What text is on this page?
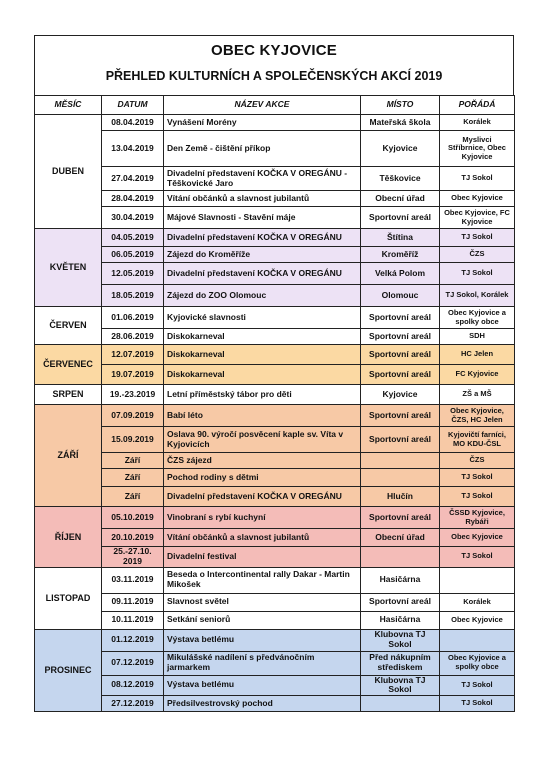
OBEC KYJOVICE
PŘEHLED KULTURNÍCH A SPOLEČENSKÝCH AKCÍ 2019
MĚSÍC	DATUM	NÁZEV AKCE	MÍSTO	POŘÁDÁ
DUBEN	08.04.2019	Vynášení Morény	Mateřská škola	Korálek
	13.04.2019	Den Země - čištění příkop	Kyjovice	Myslivci Stříbrnice, Obec Kyjovice
	27.04.2019	Divadelní představení KOČKA V OREGÁNU - Těškovické Jaro	Těškovice	TJ Sokol
	28.04.2019	Vítání občánků a slavnost jubilantů	Obecní úřad	Obec Kyjovice
	30.04.2019	Májové Slavnosti - Stavění máje	Sportovní areál	Obec Kyjovice, FC Kyjovice
KVĚTEN	04.05.2019	Divadelní představení KOČKA V OREGÁNU	Štítina	TJ Sokol
	06.05.2019	Zájezd do Kroměříže	Kroměříž	ČZS
	12.05.2019	Divadelní představení KOČKA V OREGÁNU	Velká Polom	TJ Sokol
	18.05.2019	Zájezd do ZOO Olomouc	Olomouc	TJ Sokol, Korálek
ČERVEN	01.06.2019	Kyjovické slavnosti	Sportovní areál	Obec Kyjovice a spolky obce
	28.06.2019	Diskokarneval	Sportovní areál	SDH
ČERVENEC	12.07.2019	Diskokarneval	Sportovní areál	HC Jelen
	19.07.2019	Diskokarneval	Sportovní areál	FC Kyjovice
SRPEN	19.-23.2019	Letní příměstský tábor pro děti	Kyjovice	ZŠ a MŠ
ZÁŘÍ	07.09.2019	Babí léto	Sportovní areál	Obec Kyjovice, ČZS, HC Jelen
	15.09.2019	Oslava 90. výročí posvěcení kaple sv. Víta v Kyjovicích	Sportovní areál	Kyjovičtí farníci, MO KDU-ČSL
	Září	ČZS zájezd		ČZS
	Září	Pochod rodiny s dětmi		TJ Sokol
	Září	Divadelní představení KOČKA V OREGÁNU	Hlučín	TJ Sokol
ŘÍJEN	05.10.2019	Vinobraní s rybí kuchyní	Sportovní areál	ČSSD Kyjovice, Rybáři
	20.10.2019	Vítání občánků a slavnost jubilantů	Obecní úřad	Obec Kyjovice
	25.-27.10. 2019	Divadelní festival		TJ Sokol
LISTOPAD	03.11.2019	Beseda o Intercontinental rally Dakar - Martin Mikošek	Hasičárna	
	09.11.2019	Slavnost světel	Sportovní areál	Korálek
	10.11.2019	Setkání seniorů	Hasičárna	Obec Kyjovice
PROSINEC	01.12.2019	Výstava betlému	Klubovna TJ Sokol	
	07.12.2019	Mikulášské nadílení s předvánočním jarmarkem	Před nákupním střediskem	Obec Kyjovice a spolky obce
	08.12.2019	Výstava betlému	Klubovna TJ Sokol	TJ Sokol
	27.12.2019	Předsilvestrovský pochod		TJ Sokol
